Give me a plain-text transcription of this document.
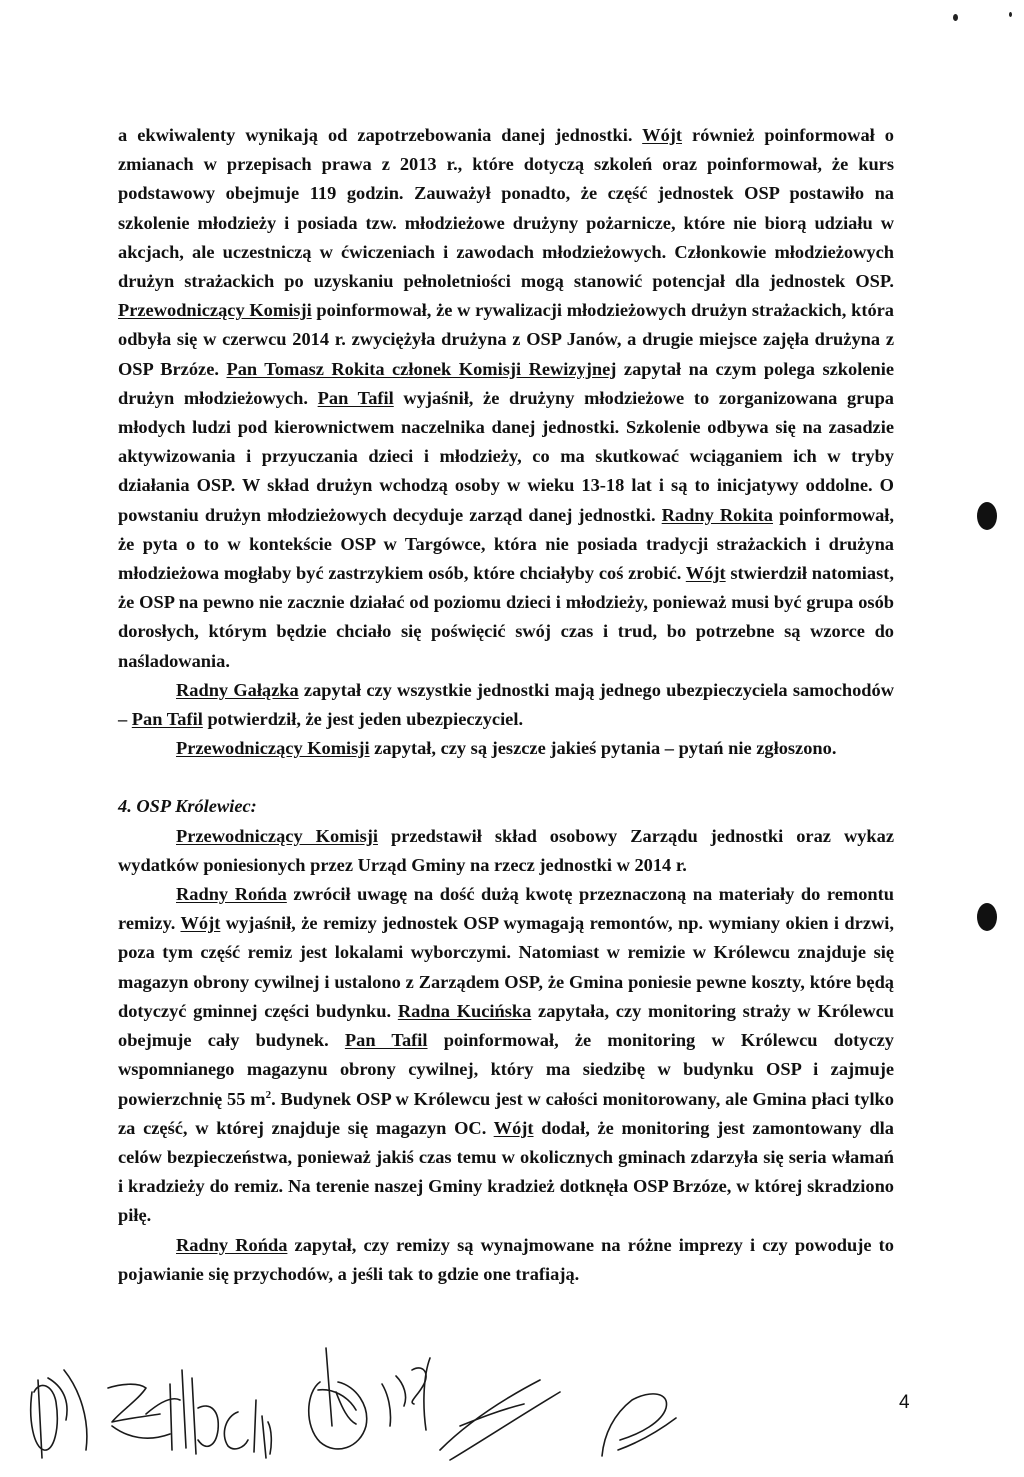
a ekwiwalenty wynikają od zapotrzebowania danej jednostki. Wójt również poinformował o zmianach w przepisach prawa z 2013 r., które dotyczą szkoleń oraz poinformował, że kurs podstawowy obejmuje 119 godzin. Zauważył ponadto, że część jednostek OSP postawiło na szkolenie młodzieży i posiada tzw. młodzieżowe drużyny pożarnicze, które nie biorą udziału w akcjach, ale uczestniczą w ćwiczeniach i zawodach młodzieżowych. Członkowie młodzieżowych drużyn strażackich po uzyskaniu pełnoletniości mogą stanowić potencjał dla jednostek OSP. Przewodniczący Komisji poinformował, że w rywalizacji młodzieżowych drużyn strażackich, która odbyła się w czerwcu 2014 r. zwyciężyła drużyna z OSP Janów, a drugie miejsce zajęła drużyna z OSP Brzóze. Pan Tomasz Rokita członek Komisji Rewizyjnej zapytał na czym polega szkolenie drużyn młodzieżowych. Pan Tafil wyjaśnił, że drużyny młodzieżowe to zorganizowana grupa młodych ludzi pod kierownictwem naczelnika danej jednostki. Szkolenie odbywa się na zasadzie aktywizowania i przyuczania dzieci i młodzieży, co ma skutkować wciąganiem ich w tryby działania OSP. W skład drużyn wchodzą osoby w wieku 13-18 lat i są to inicjatywy oddolne. O powstaniu drużyn młodzieżowych decyduje zarząd danej jednostki. Radny Rokita poinformował, że pyta o to w kontekście OSP w Targówce, która nie posiada tradycji strażackich i drużyna młodzieżowa mogłaby być zastrzykiem osób, które chciałyby coś zrobić. Wójt stwierdził natomiast, że OSP na pewno nie zacznie działać od poziomu dzieci i młodzieży, ponieważ musi być grupa osób dorosłych, którym będzie chciało się poświęcić swój czas i trud, bo potrzebne są wzorce do naśladowania.

Radny Gałązka zapytał czy wszystkie jednostki mają jednego ubezpieczyciela samochodów – Pan Tafil potwierdził, że jest jeden ubezpieczyciel.

Przewodniczący Komisji zapytał, czy są jeszcze jakieś pytania – pytań nie zgłoszono.

4. OSP Królewiec:

Przewodniczący Komisji przedstawił skład osobowy Zarządu jednostki oraz wykaz wydatków poniesionych przez Urząd Gminy na rzecz jednostki w 2014 r.

Radny Rońda zwrócił uwagę na dość dużą kwotę przeznaczoną na materiały do remontu remizy. Wójt wyjaśnił, że remizy jednostek OSP wymagają remontów, np. wymiany okien i drzwi, poza tym część remiz jest lokalami wyborczymi. Natomiast w remizie w Królewcu znajduje się magazyn obrony cywilnej i ustalono z Zarządem OSP, że Gmina poniesie pewne koszty, które będą dotyczyć gminnej części budynku. Radna Kucińska zapytała, czy monitoring straży w Królewcu obejmuje cały budynek. Pan Tafil poinformował, że monitoring w Królewcu dotyczy wspomnianego magazynu obrony cywilnej, który ma siedzibę w budynku OSP i zajmuje powierzchnię 55 $m^2$. Budynek OSP w Królewcu jest w całości monitorowany, ale Gmina płaci tylko za część, w której znajduje się magazyn OC. Wójt dodał, że monitoring jest zamontowany dla celów bezpieczeństwa, ponieważ jakiś czas temu w okolicznych gminach zdarzyła się seria włamań i kradzieży do remiz. Na terenie naszej Gminy kradzież dotknęła OSP Brzóze, w której skradziono piłę.

Radny Rońda zapytał, czy remizy są wynajmowane na różne imprezy i czy powoduje to pojawianie się przychodów, a jeśli tak to gdzie one trafiają.

4
